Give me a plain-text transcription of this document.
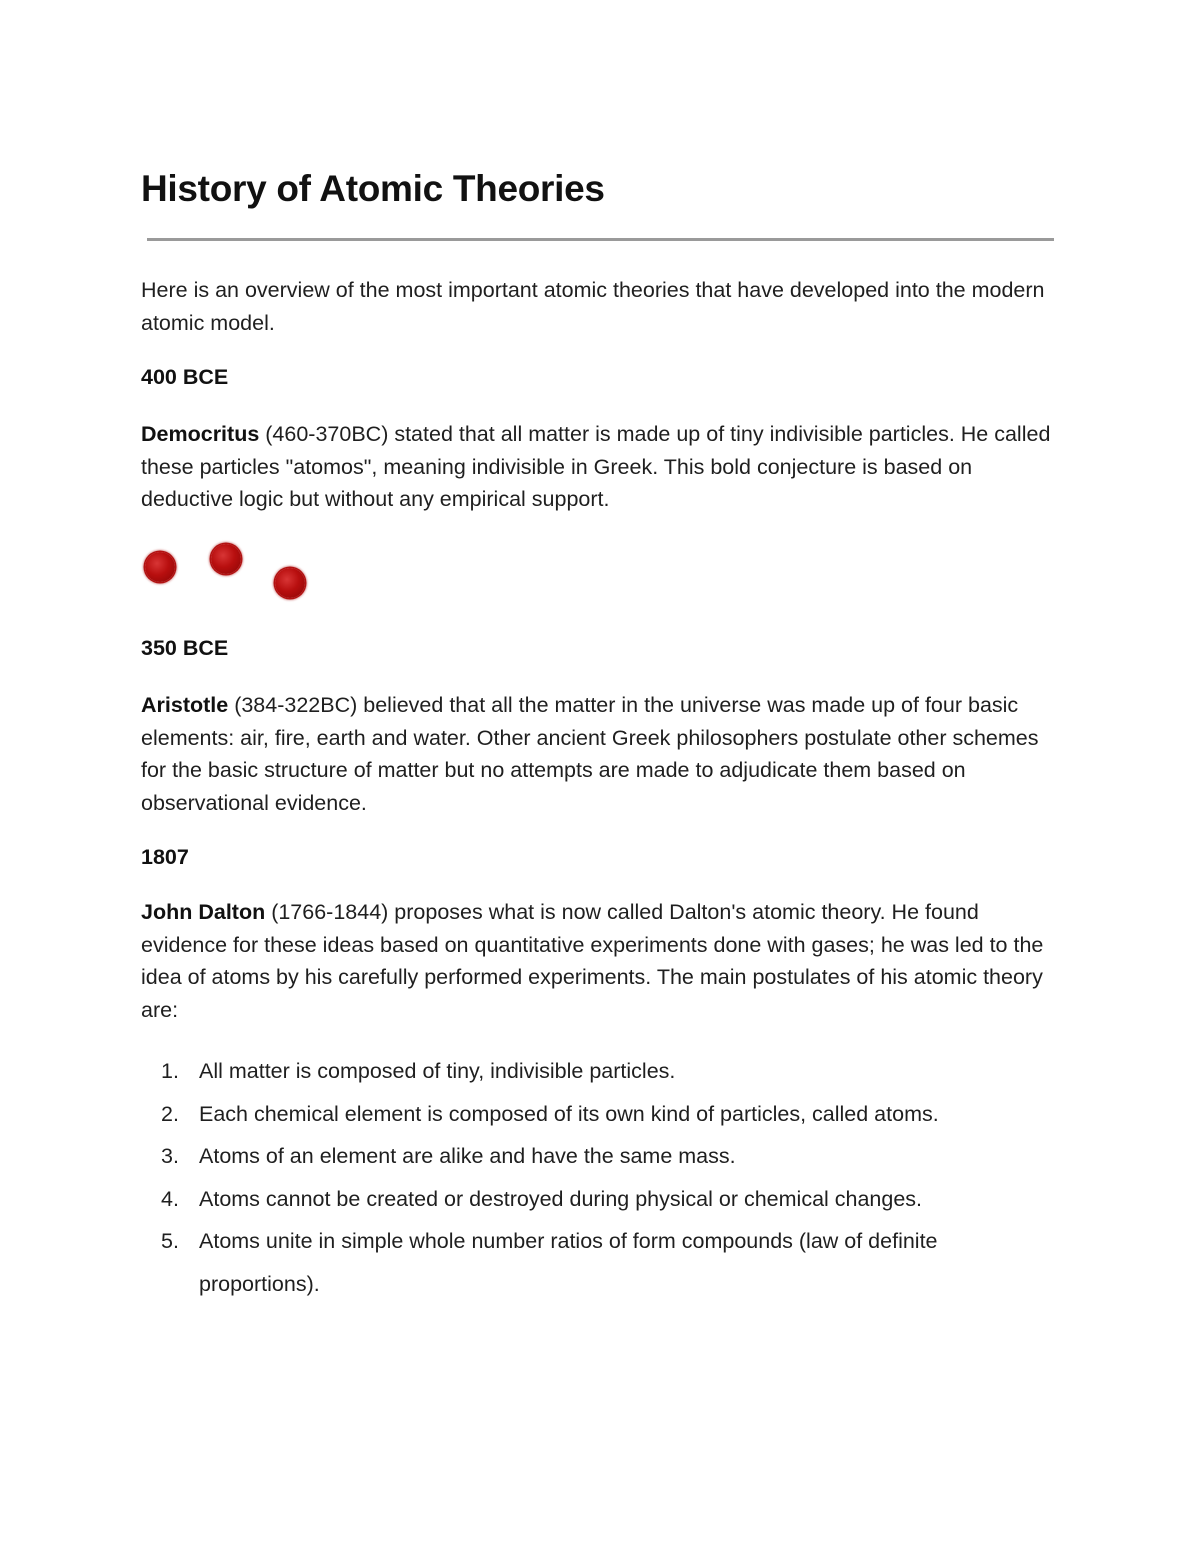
History of Atomic Theories

Here is an overview of the most important atomic theories that have developed into the modern atomic model.

400 BCE

Democritus (460-370BC) stated that all matter is made up of tiny indivisible particles. He called these particles "atomos", meaning indivisible in Greek. This bold conjecture is based on deductive logic but without any empirical support.

350 BCE

Aristotle (384-322BC) believed that all the matter in the universe was made up of four basic elements: air, fire, earth and water. Other ancient Greek philosophers postulate other schemes for the basic structure of matter but no attempts are made to adjudicate them based on observational evidence.

1807

John Dalton (1766-1844) proposes what is now called Dalton's atomic theory. He found evidence for these ideas based on quantitative experiments done with gases; he was led to the idea of atoms by his carefully performed experiments. The main postulates of his atomic theory are:

1. All matter is composed of tiny, indivisible particles.
2. Each chemical element is composed of its own kind of particles, called atoms.
3. Atoms of an element are alike and have the same mass.
4. Atoms cannot be created or destroyed during physical or chemical changes.
5. Atoms unite in simple whole number ratios of form compounds (law of definite proportions).
